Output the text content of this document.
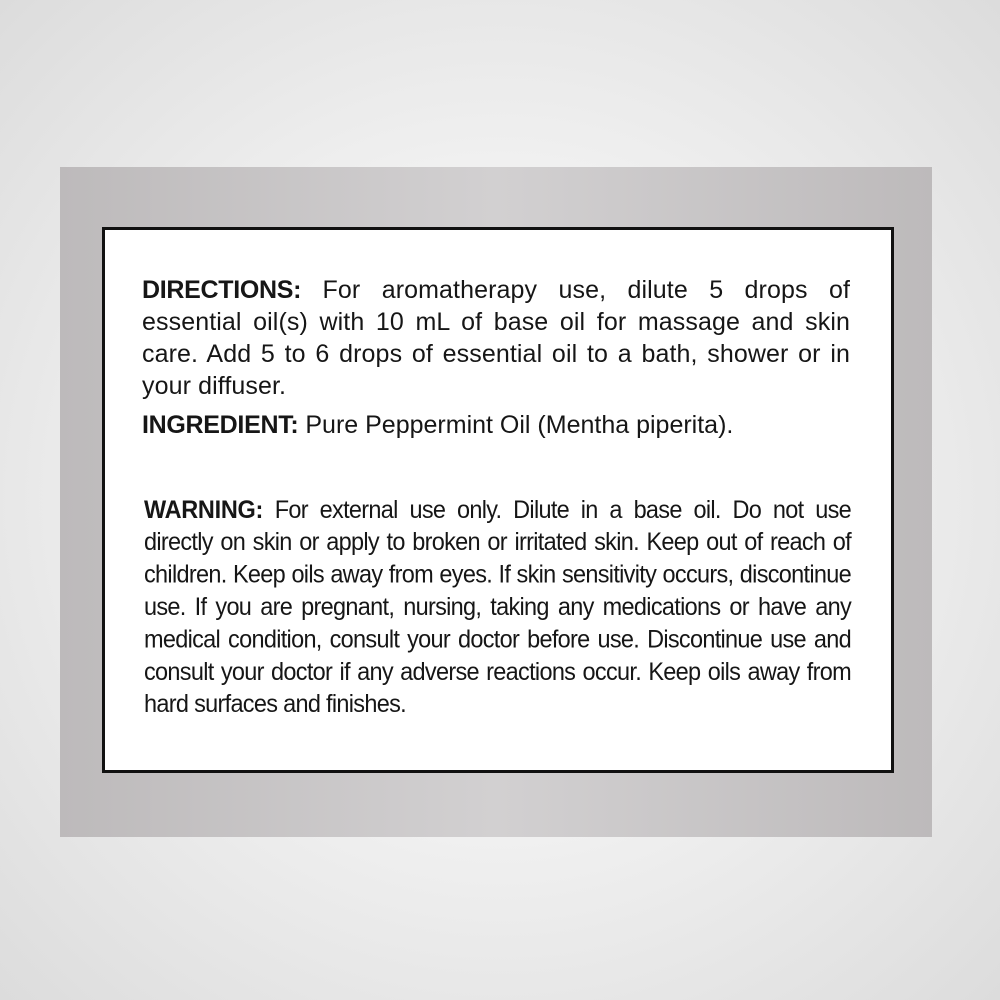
DIRECTIONS: For aromatherapy use, dilute 5 drops of essential oil(s) with 10 mL of base oil for massage and skin care. Add 5 to 6 drops of essential oil to a bath, shower or in your diffuser.

INGREDIENT: Pure Peppermint Oil (Mentha piperita).

WARNING: For external use only. Dilute in a base oil. Do not use directly on skin or apply to broken or irritated skin. Keep out of reach of children. Keep oils away from eyes. If skin sensitivity occurs, discontinue use. If you are pregnant, nursing, taking any medications or have any medical condition, consult your doctor before use. Discontinue use and consult your doctor if any adverse reactions occur. Keep oils away from hard surfaces and finishes.
